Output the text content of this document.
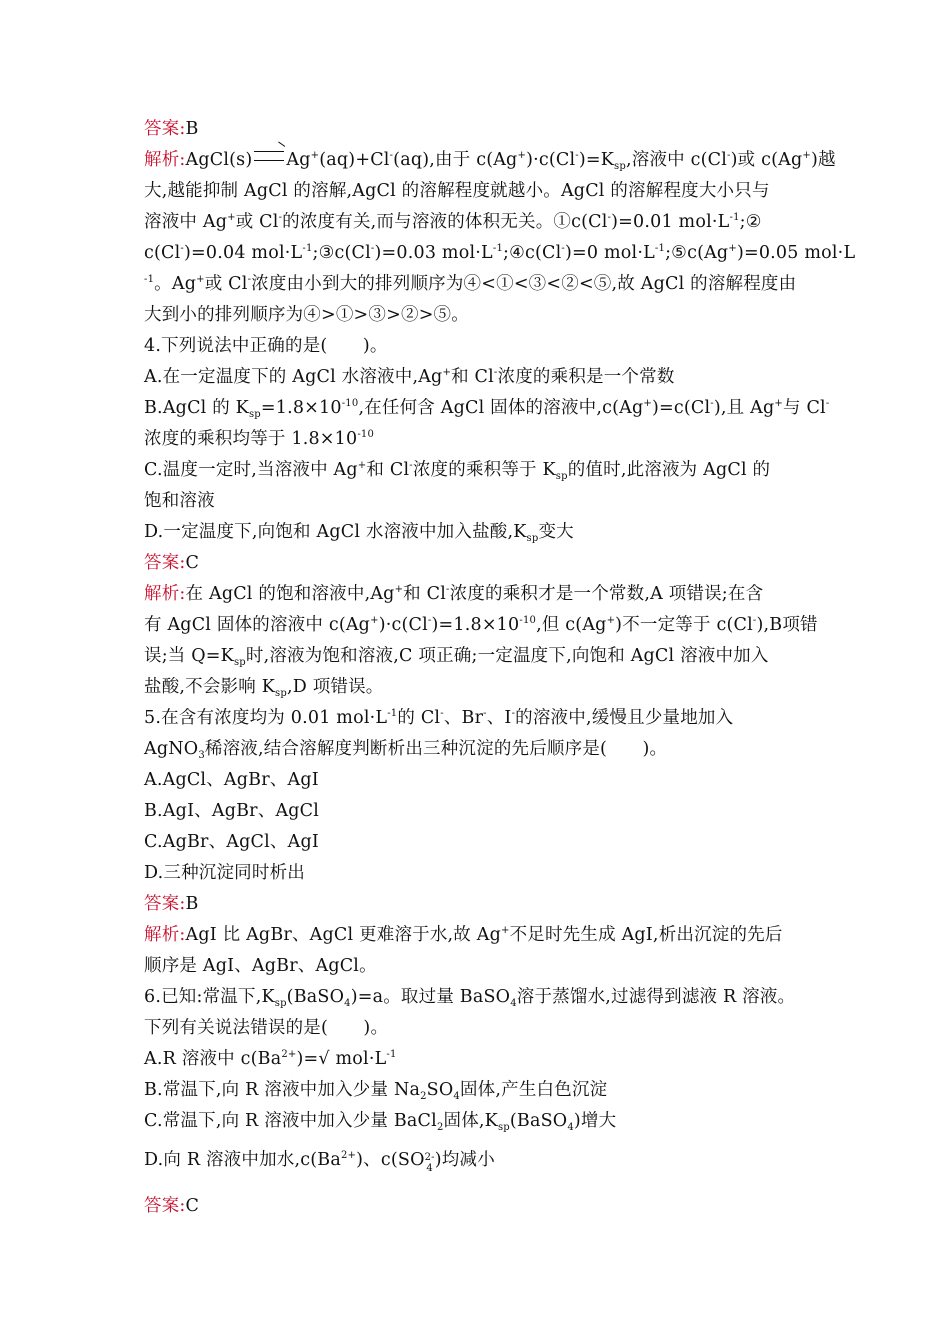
答案:B
解析:AgCl(s) Ag+(aq)+Cl-(aq),由于 $c(Ag^+)\cdot c(Cl^-)=K_{sp}$,溶液中 c(Cl-)或 c(Ag+)越
大,越能抑制 AgCl 的溶解,AgCl 的溶解程度就越小。AgCl 的溶解程度大小只与
溶液中 Ag+或 Cl-的浓度有关,而与溶液的体积无关。①c(Cl-)=0.01 $mol\cdot L^{-1};②$
c(Cl-)=0.04 $mol\cdot L^{-1};③c(Cl^-)=0.03$ $mol\cdot L^{-1};④c(Cl^-)=0$ $mol\cdot L^{-1};⑤c(Ag^+)=0.05$ mol·L
$^{-1}$。Ag+或 Cl-浓度由小到大的排列顺序为④<①<③<②<⑤,故 AgCl 的溶解程度由
大到小的排列顺序为④>①>③>②>⑤。
4.下列说法中正确的是(　　)。
A.在一定温度下的 AgCl 水溶液中,Ag+和 Cl-浓度的乘积是一个常数
B.AgCl 的 $K_{sp}=1.8\times 10^{-10}$,在任何含 AgCl 固体的溶液中,c(Ag+)=c(Cl-),且 Ag+与 Cl-
浓度的乘积均等于 $1.8\times 10^{-10}$
C.温度一定时,当溶液中 Ag+和 Cl-浓度的乘积等于 $K_{sp}$的值时,此溶液为 AgCl 的
饱和溶液
D.一定温度下,向饱和 AgCl 水溶液中加入盐酸$,K_{sp}$变大
答案:C
解析:在 AgCl 的饱和溶液中,Ag+和 Cl-浓度的乘积才是一个常数,A 项错误;在含
有 AgCl 固体的溶液中 $c(Ag^+)\cdot c(Cl^-)=1.8\times 10^{-10}$,但 c(Ag+)不一定等于 c(Cl-),B项错
误;当 $Q=K_{sp}$时,溶液为饱和溶液,C 项正确;一定温度下,向饱和 AgCl 溶液中加入
盐酸,不会影响 $K_{sp},D$ 项错误。
5.在含有浓度均为 0.01 $mol\cdot L^{-1}$的 Cl-、Br-、I-的溶液中,缓慢且少量地加入
AgNO$_3$稀溶液,结合溶解度判断析出三种沉淀的先后顺序是(　　)。
A.AgCl、AgBr、AgI
B.AgI、AgBr、AgCl
C.AgBr、AgCl、AgI
D.三种沉淀同时析出
答案:B
解析:AgI 比 AgBr、AgCl 更难溶于水,故 Ag+不足时先生成 AgI,析出沉淀的先后
顺序是 AgI、AgBr、AgCl。
6.已知:常温下$,K_{sp}(BaSO_4)=a$。取过量 BaSO$_4$溶于蒸馏水,过滤得到滤液 R 溶液。
下列有关说法错误的是(　　)。
A.R 溶液中 $c(Ba^{2+})=√$ $mol\cdot L^{-1}$
B.常温下,向 R 溶液中加入少量 $Na_2SO_4$固体,产生白色沉淀
C.常温下,向 R 溶液中加入少量 BaCl$_2$固体$,K_{sp}(BaSO_4)$增大
D.向 R 溶液中加水$,c(Ba^{2+})$、c(SO2-
4 )均减小
答案:C
